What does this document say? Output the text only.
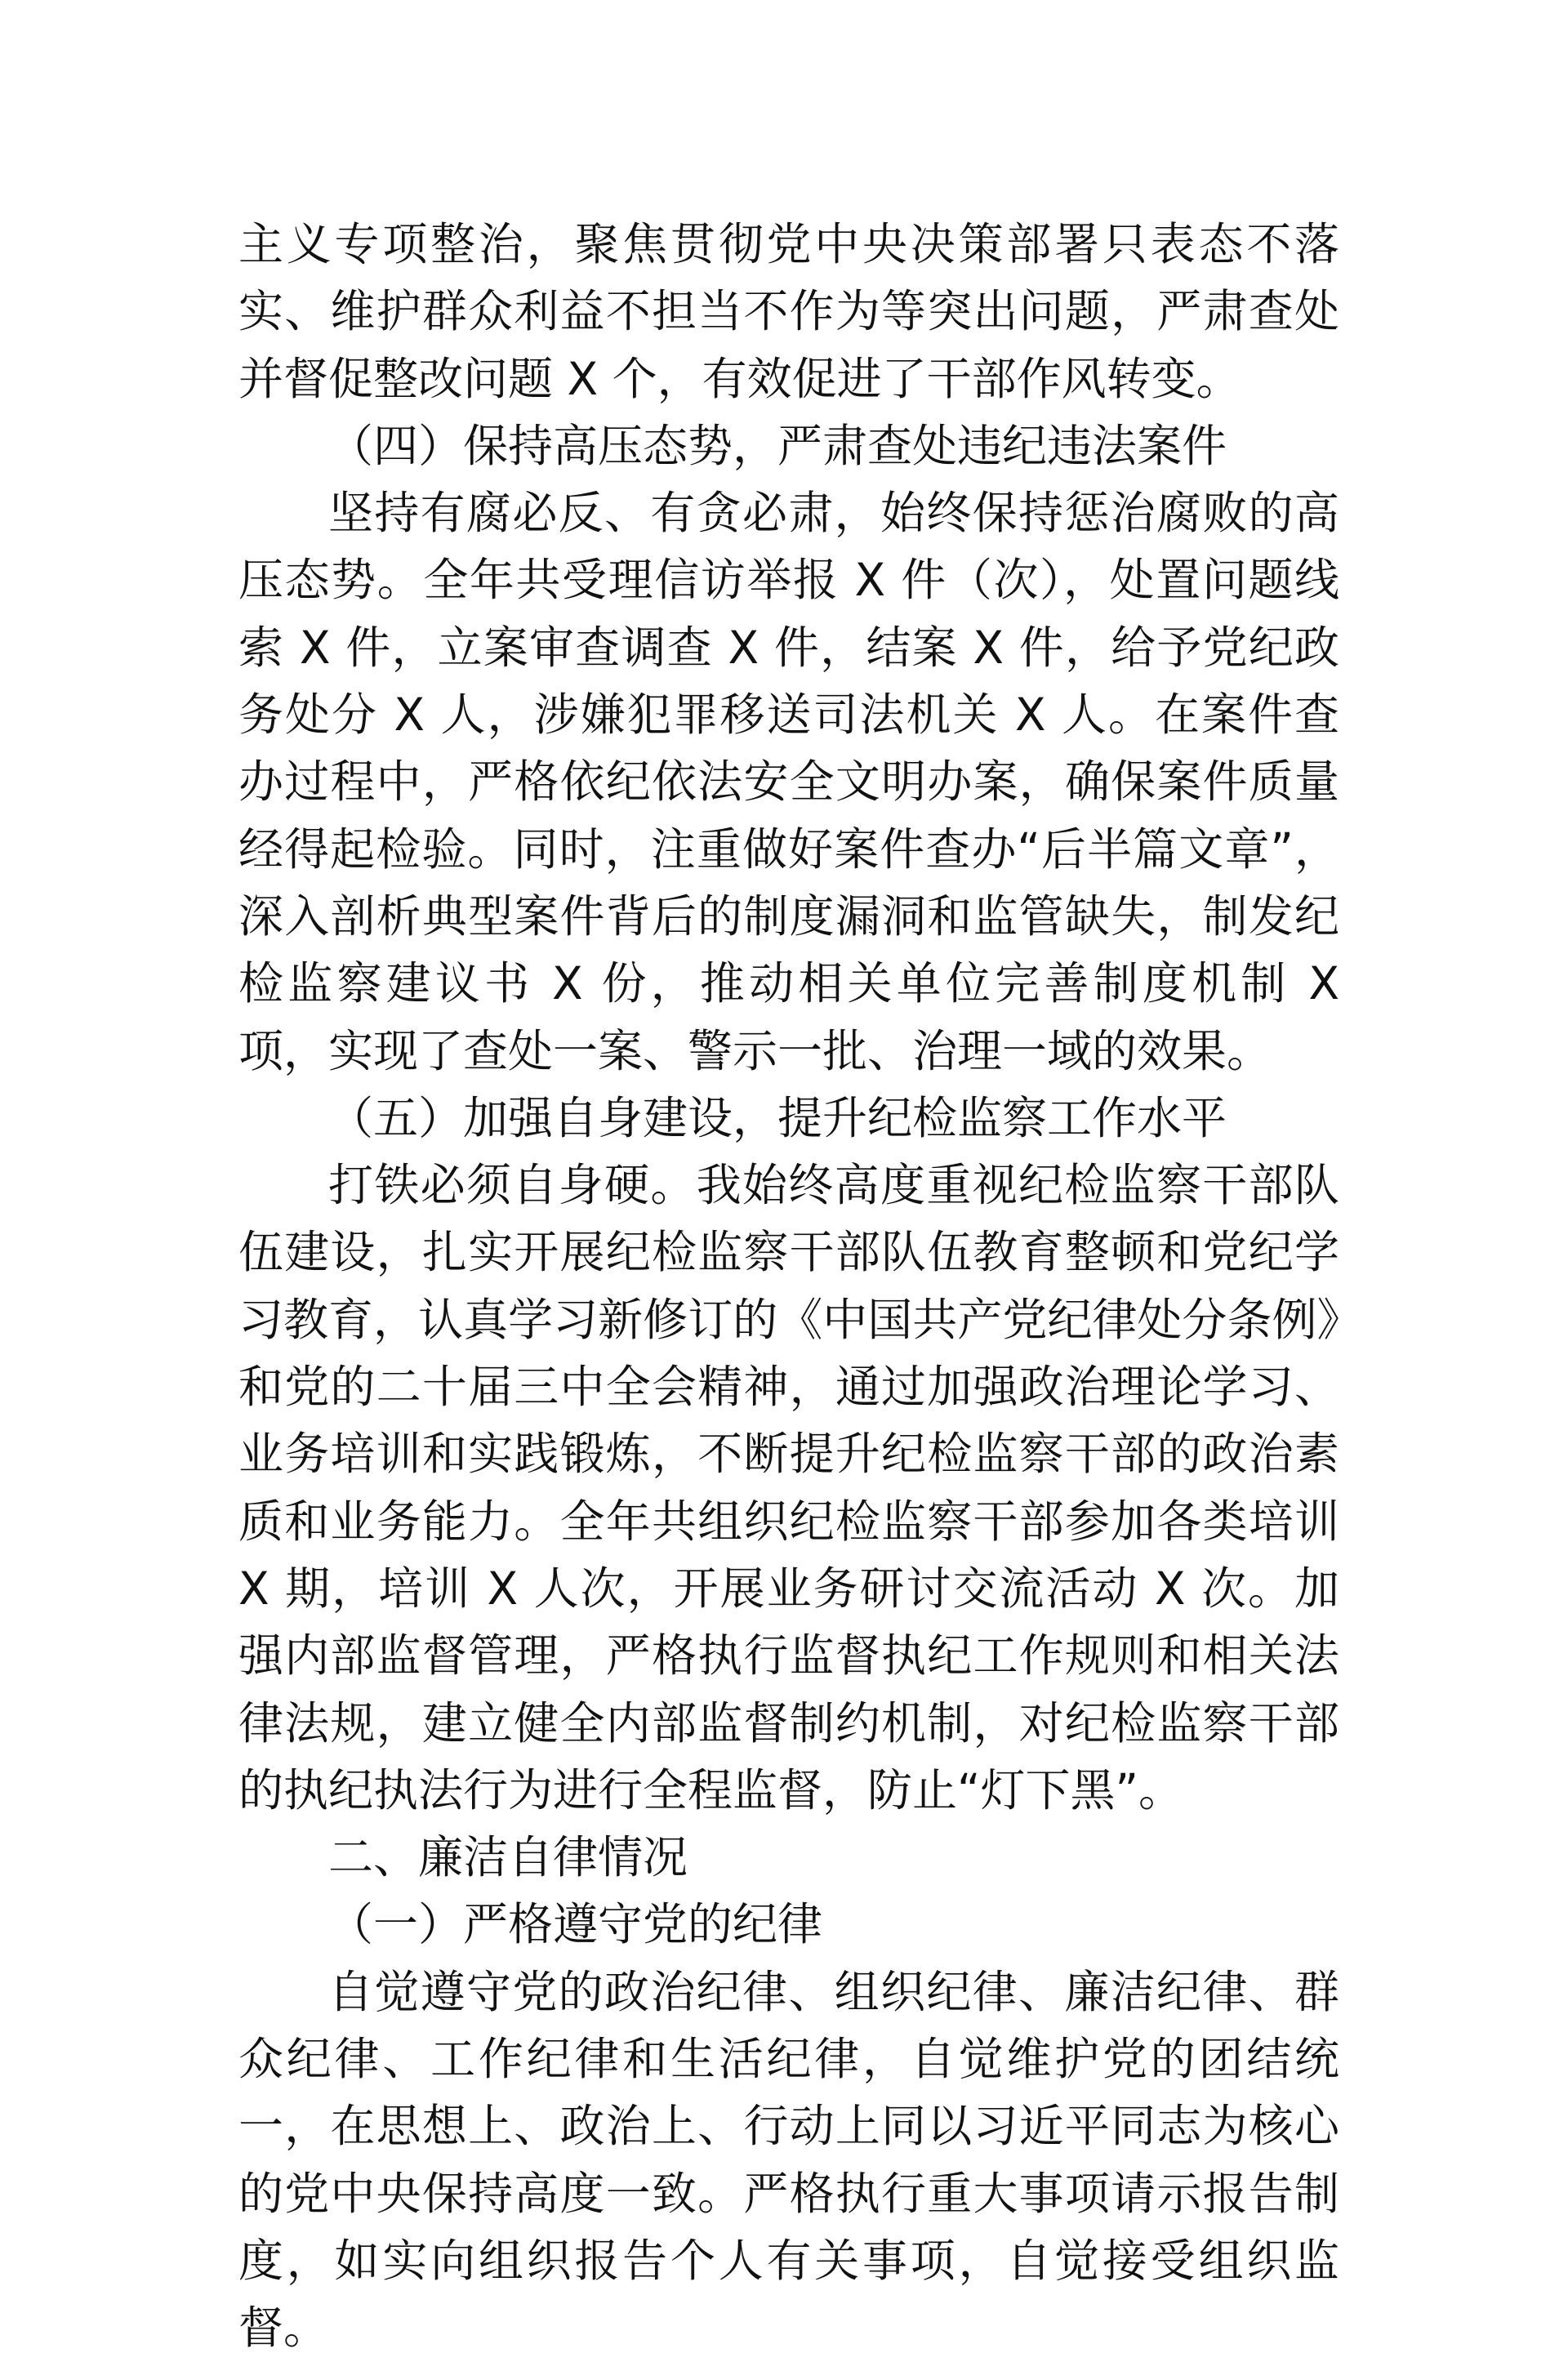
主义专项整治，聚焦贯彻党中央决策部署只表态不落实、维护群众利益不担当不作为等突出问题，严肃查处并督促整改问题 X 个，有效促进了干部作风转变。

（四）保持高压态势，严肃查处违纪违法案件

坚持有腐必反、有贪必肃，始终保持惩治腐败的高压态势。全年共受理信访举报 X 件（次），处置问题线索 X 件，立案审查调查 X 件，结案 X 件，给予党纪政务处分 X 人，涉嫌犯罪移送司法机关 X 人。在案件查办过程中，严格依纪依法安全文明办案，确保案件质量经得起检验。同时，注重做好案件查办“后半篇文章”，深入剖析典型案件背后的制度漏洞和监管缺失，制发纪检监察建议书 X 份，推动相关单位完善制度机制 X 项，实现了查处一案、警示一批、治理一域的效果。

（五）加强自身建设，提升纪检监察工作水平

打铁必须自身硬。我始终高度重视纪检监察干部队伍建设，扎实开展纪检监察干部队伍教育整顿和党纪学习教育，认真学习新修订的《中国共产党纪律处分条例》和党的二十届三中全会精神，通过加强政治理论学习、业务培训和实践锻炼，不断提升纪检监察干部的政治素质和业务能力。全年共组织纪检监察干部参加各类培训 X 期，培训 X 人次，开展业务研讨交流活动 X 次。加强内部监督管理，严格执行监督执纪工作规则和相关法律法规，建立健全内部监督制约机制，对纪检监察干部的执纪执法行为进行全程监督，防止“灯下黑”。

二、廉洁自律情况

（一）严格遵守党的纪律

自觉遵守党的政治纪律、组织纪律、廉洁纪律、群众纪律、工作纪律和生活纪律，自觉维护党的团结统一，在思想上、政治上、行动上同以习近平同志为核心的党中央保持高度一致。严格执行重大事项请示报告制度，如实向组织报告个人有关事项，自觉接受组织监督。
